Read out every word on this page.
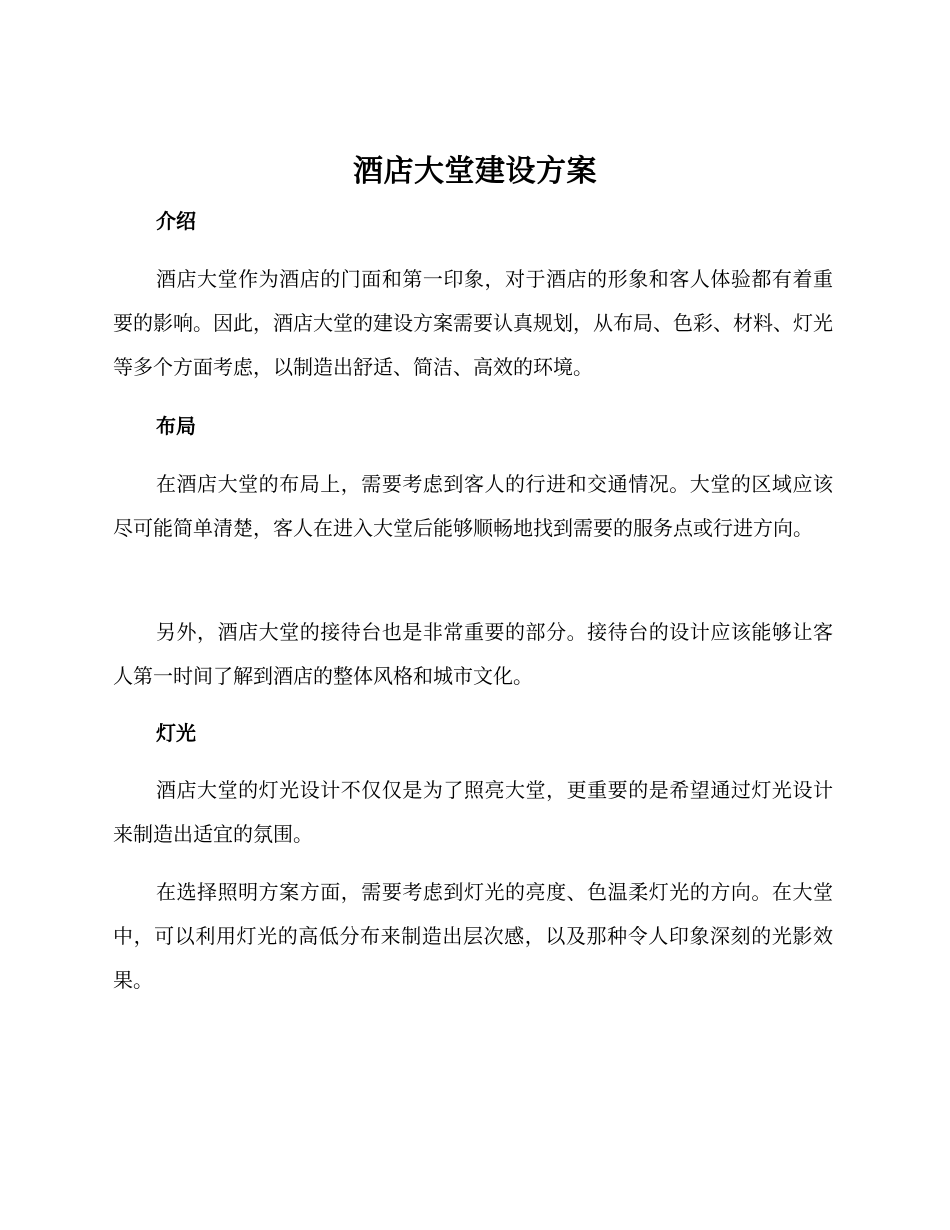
酒店大堂建设方案
介绍

酒店大堂作为酒店的门面和第一印象，对于酒店的形象和客人体验都有着重要的影响。因此，酒店大堂的建设方案需要认真规划，从布局、色彩、材料、灯光等多个方面考虑，以制造出舒适、简洁、高效的环境。

布局

在酒店大堂的布局上，需要考虑到客人的行进和交通情况。大堂的区域应该尽可能简单清楚，客人在进入大堂后能够顺畅地找到需要的服务点或行进方向。

另外，酒店大堂的接待台也是非常重要的部分。接待台的设计应该能够让客人第一时间了解到酒店的整体风格和城市文化。

灯光

酒店大堂的灯光设计不仅仅是为了照亮大堂，更重要的是希望通过灯光设计来制造出适宜的氛围。

在选择照明方案方面，需要考虑到灯光的亮度、色温柔灯光的方向。在大堂中，可以利用灯光的高低分布来制造出层次感，以及那种令人印象深刻的光影效果。
